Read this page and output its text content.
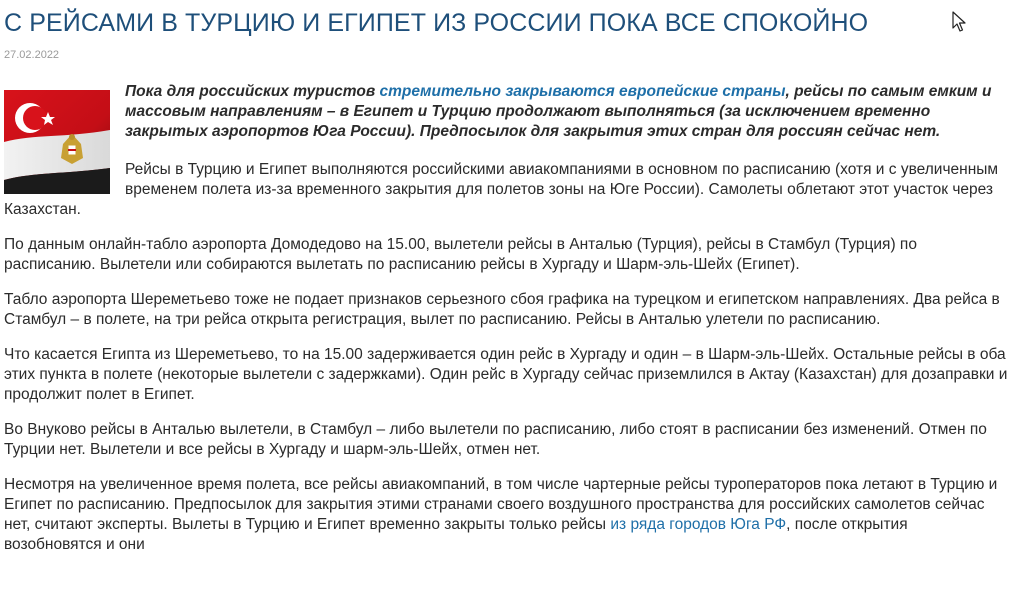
С РЕЙСАМИ В ТУРЦИЮ И ЕГИПЕТ ИЗ РОССИИ ПОКА ВСЕ СПОКОЙНО
27.02.2022
Пока для российских туристов стремительно закрываются европейские страны, рейсы по самым емким и массовым направлениям – в Египет и Турцию продолжают выполняться (за исключением временно закрытых аэропортов Юга России). Предпосылок для закрытия этих стран для россиян сейчас нет.

Рейсы в Турцию и Египет выполняются российскими авиакомпаниями в основном по расписанию (хотя и с увеличенным временем полета из-за временного закрытия для полетов зоны на Юге России). Самолеты облетают этот участок через Казахстан.

По данным онлайн-табло аэропорта Домодедово на 15.00, вылетели рейсы в Анталью (Турция), рейсы в Стамбул (Турция) по расписанию. Вылетели или собираются вылетать по расписанию рейсы в Хургаду и Шарм-эль-Шейх (Египет).

Табло аэропорта Шереметьево тоже не подает признаков серьезного сбоя графика на турецком и египетском направлениях. Два рейса в Стамбул – в полете, на три рейса открыта регистрация, вылет по расписанию. Рейсы в Анталью улетели по расписанию.

Что касается Египта из Шереметьево, то на 15.00 задерживается один рейс в Хургаду и один – в Шарм-эль-Шейх. Остальные рейсы в оба этих пункта в полете (некоторые вылетели с задержками). Один рейс в Хургаду сейчас приземлился в Актау (Казахстан) для дозаправки и продолжит полет в Египет.

Во Внуково рейсы в Анталью вылетели, в Стамбул – либо вылетели по расписанию, либо стоят в расписании без изменений. Отмен по Турции нет. Вылетели и все рейсы в Хургаду и шарм-эль-Шейх, отмен нет.

Несмотря на увеличенное время полета, все рейсы авиакомпаний, в том числе чартерные рейсы туроператоров пока летают в Турцию и Египет по расписанию. Предпосылок для закрытия этими странами своего воздушного пространства для российских самолетов сейчас нет, считают эксперты. Вылеты в Турцию и Египет временно закрыты только рейсы из ряда городов Юга РФ, после открытия возобновятся и они
